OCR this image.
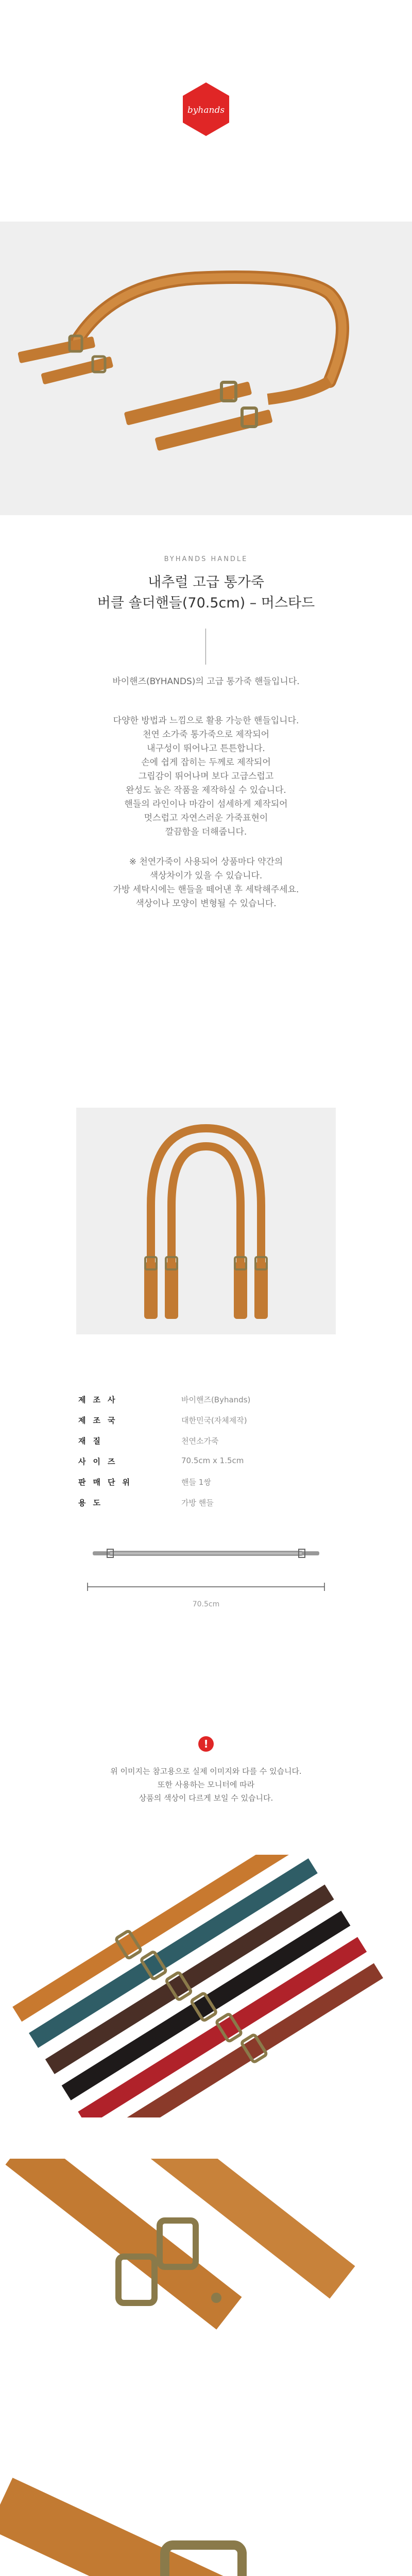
byhands
BYHANDS HANDLE
내추럴 고급 통가죽
버클 숄더핸들(70.5cm) – 머스타드
바이핸즈(BYHANDS)의 고급 통가죽 핸들입니다.
다양한 방법과 느낌으로 활용 가능한 핸들입니다.
천연 소가죽 통가죽으로 제작되어
내구성이 뛰어나고 튼튼합니다.
손에 쉽게 잡히는 두께로 제작되어
그립감이 뛰어나며 보다 고급스럽고
완성도 높은 작품을 제작하실 수 있습니다.
핸들의 라인이나 마감이 섬세하게 제작되어
멋스럽고 자연스러운 가죽표현이
깔끔함을 더해줍니다.
※ 천연가죽이 사용되어 상품마다 약간의
색상차이가 있을 수 있습니다.
가방 세탁시에는 핸들을 떼어낸 후 세탁해주세요.
색상이나 모양이 변형될 수 있습니다.
제조사	바이핸즈(Byhands)
제조국	대한민국(자체제작)
재질	천연소가죽
사이즈	70.5cm x 1.5cm
판매단위	핸들 1쌍
용도	가방 핸들
70.5cm
!
위 이미지는 참고용으로 실제 이미지와 다를 수 있습니다.
또한 사용하는 모니터에 따라
상품의 색상이 다르게 보일 수 있습니다.
